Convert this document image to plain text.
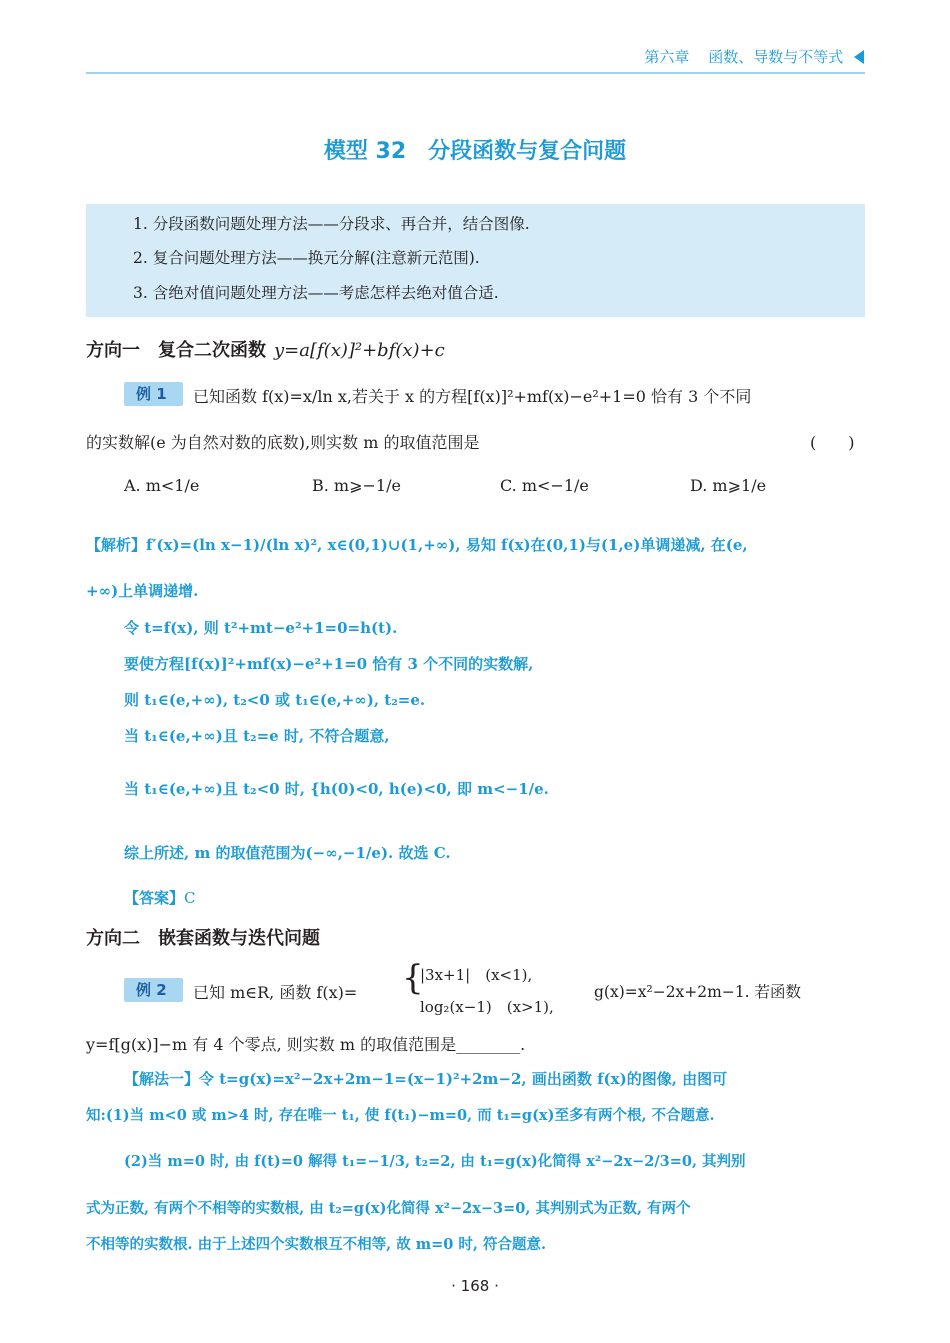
第六章 函数、导数与不等式
模型 32　分段函数与复合问题
1. 分段函数问题处理方法——分段求、再合并，结合图像.
2. 复合问题处理方法——换元分解(注意新元范围).
3. 含绝对值问题处理方法——考虑怎样去绝对值合适.
方向一　复合二次函数 y=a[f(x)]²+bf(x)+c
例 1	已知函数 f(x)=x/ln x,若关于 x 的方程[f(x)]²+mf(x)−e²+1=0 恰有 3 个不同
的实数解(e 为自然对数的底数),则实数 m 的取值范围是	(　　)
A. m<1/e	B. m⩾−1/e	C. m<−1/e	D. m⩾1/e
【解析】f′(x)=(ln x−1)/(ln x)², x∈(0,1)∪(1,+∞), 易知 f(x)在(0,1)与(1,e)单调递减, 在(e,
+∞)上单调递增.
令 t=f(x), 则 t²+mt−e²+1=0=h(t).
要使方程[f(x)]²+mf(x)−e²+1=0 恰有 3 个不同的实数解,
则 t₁∈(e,+∞), t₂<0 或 t₁∈(e,+∞), t₂=e.
当 t₁∈(e,+∞)且 t₂=e 时, 不符合题意,
当 t₁∈(e,+∞)且 t₂<0 时, {h(0)<0, h(e)<0, 即 m<−1/e.
综上所述, m 的取值范围为(−∞,−1/e). 故选 C.
【答案】C
方向二　嵌套函数与迭代问题
例 2	已知 m∈R, 函数 f(x)= {
|3x+1|　(x<1),
log₂(x−1)　(x>1),
g(x)=x²−2x+2m−1. 若函数
y=f[g(x)]−m 有 4 个零点, 则实数 m 的取值范围是________.
【解法一】令 t=g(x)=x²−2x+2m−1=(x−1)²+2m−2, 画出函数 f(x)的图像, 由图可
知:(1)当 m<0 或 m>4 时, 存在唯一 t₁, 使 f(t₁)−m=0, 而 t₁=g(x)至多有两个根, 不合题意.
(2)当 m=0 时, 由 f(t)=0 解得 t₁=−1/3, t₂=2, 由 t₁=g(x)化简得 x²−2x−2/3=0, 其判别
式为正数, 有两个不相等的实数根, 由 t₂=g(x)化简得 x²−2x−3=0, 其判别式为正数, 有两个
不相等的实数根. 由于上述四个实数根互不相等, 故 m=0 时, 符合题意.
· 168 ·
